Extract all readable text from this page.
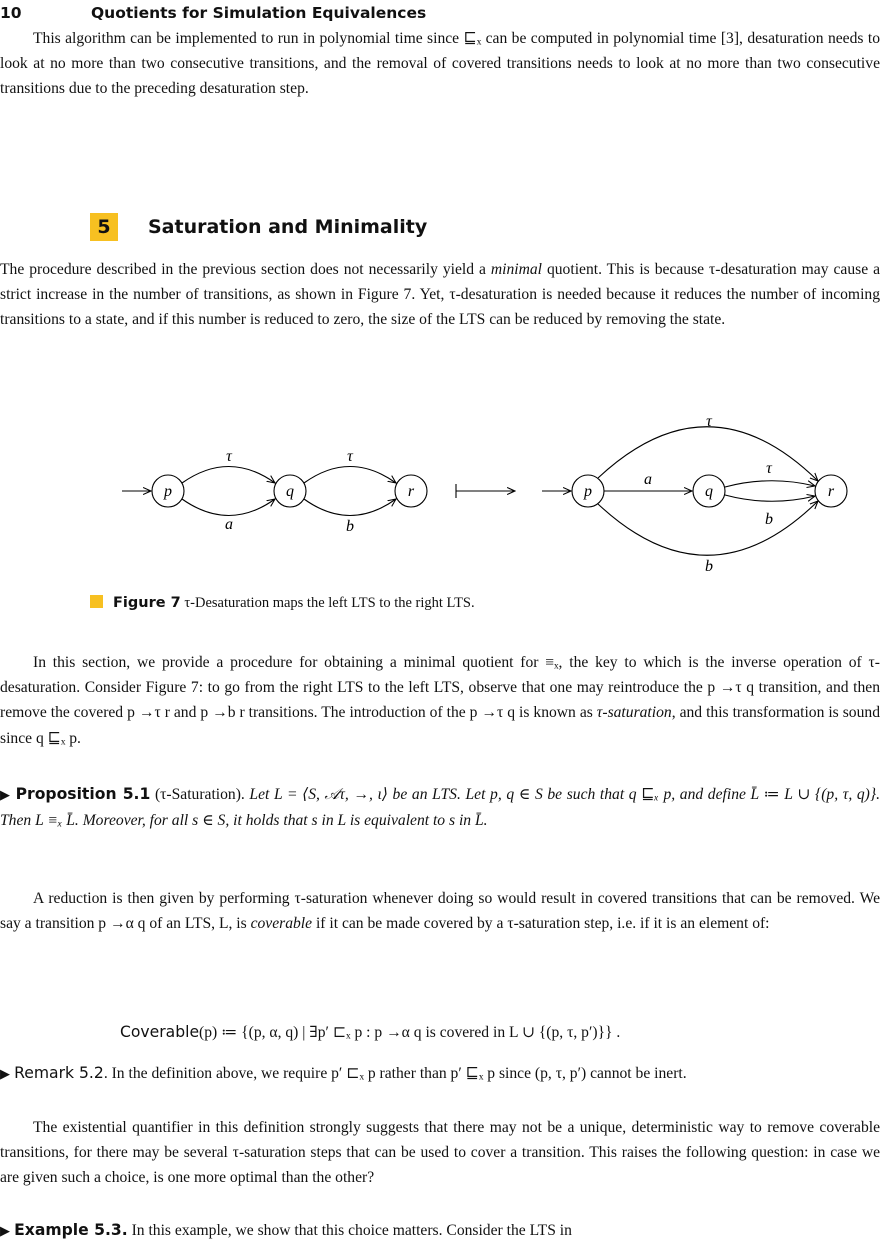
10	Quotients for Simulation Equivalences

This algorithm can be implemented to run in polynomial time since ⊑ₓ can be computed in polynomial time [3], desaturation needs to look at no more than two consecutive transitions, and the removal of covered transitions needs to look at no more than two consecutive transitions due to the preceding desaturation step.

5	Saturation and Minimality

The procedure described in the previous section does not necessarily yield a minimal quotient. This is because τ-desaturation may cause a strict increase in the number of transitions, as shown in Figure 7. Yet, τ-desaturation is needed because it reduces the number of incoming transitions to a state, and if this number is reduced to zero, the size of the LTS can be reduced by removing the state.

p	q	r
τ	τ
a	b
p	q	r
τ
a
τ
b
b
Figure 7 τ-Desaturation maps the left LTS to the right LTS.

In this section, we provide a procedure for obtaining a minimal quotient for ≡ₓ, the key to which is the inverse operation of τ-desaturation. Consider Figure 7: to go from the right LTS to the left LTS, observe that one may reintroduce the p →τ q transition, and then remove the covered p →τ r and p →b r transitions. The introduction of the p →τ q is known as τ-saturation, and this transformation is sound since q ⊑ₓ p.

▶ Proposition 5.1 (τ-Saturation). Let L = ⟨S, 𝒜τ, →, ι⟩ be an LTS. Let p, q ∈ S be such that q ⊑ₓ p, and define L̄ ≔ L ∪ {(p, τ, q)}. Then L ≡ₓ L̄. Moreover, for all s ∈ S, it holds that s in L is equivalent to s in L̄.

A reduction is then given by performing τ-saturation whenever doing so would result in covered transitions that can be removed. We say a transition p →α q of an LTS, L, is coverable if it can be made covered by a τ-saturation step, i.e. if it is an element of:

Coverable(p) ≔ {(p, α, q) | ∃p′ ⊏ₓ p : p →α q is covered in L ∪ {(p, τ, p′)}} .

▶ Remark 5.2. In the definition above, we require p′ ⊏ₓ p rather than p′ ⊑ₓ p since (p, τ, p′) cannot be inert.

The existential quantifier in this definition strongly suggests that there may not be a unique, deterministic way to remove coverable transitions, for there may be several τ-saturation steps that can be used to cover a transition. This raises the following question: in case we are given such a choice, is one more optimal than the other?

▶ Example 5.3. In this example, we show that this choice matters. Consider the LTS in
